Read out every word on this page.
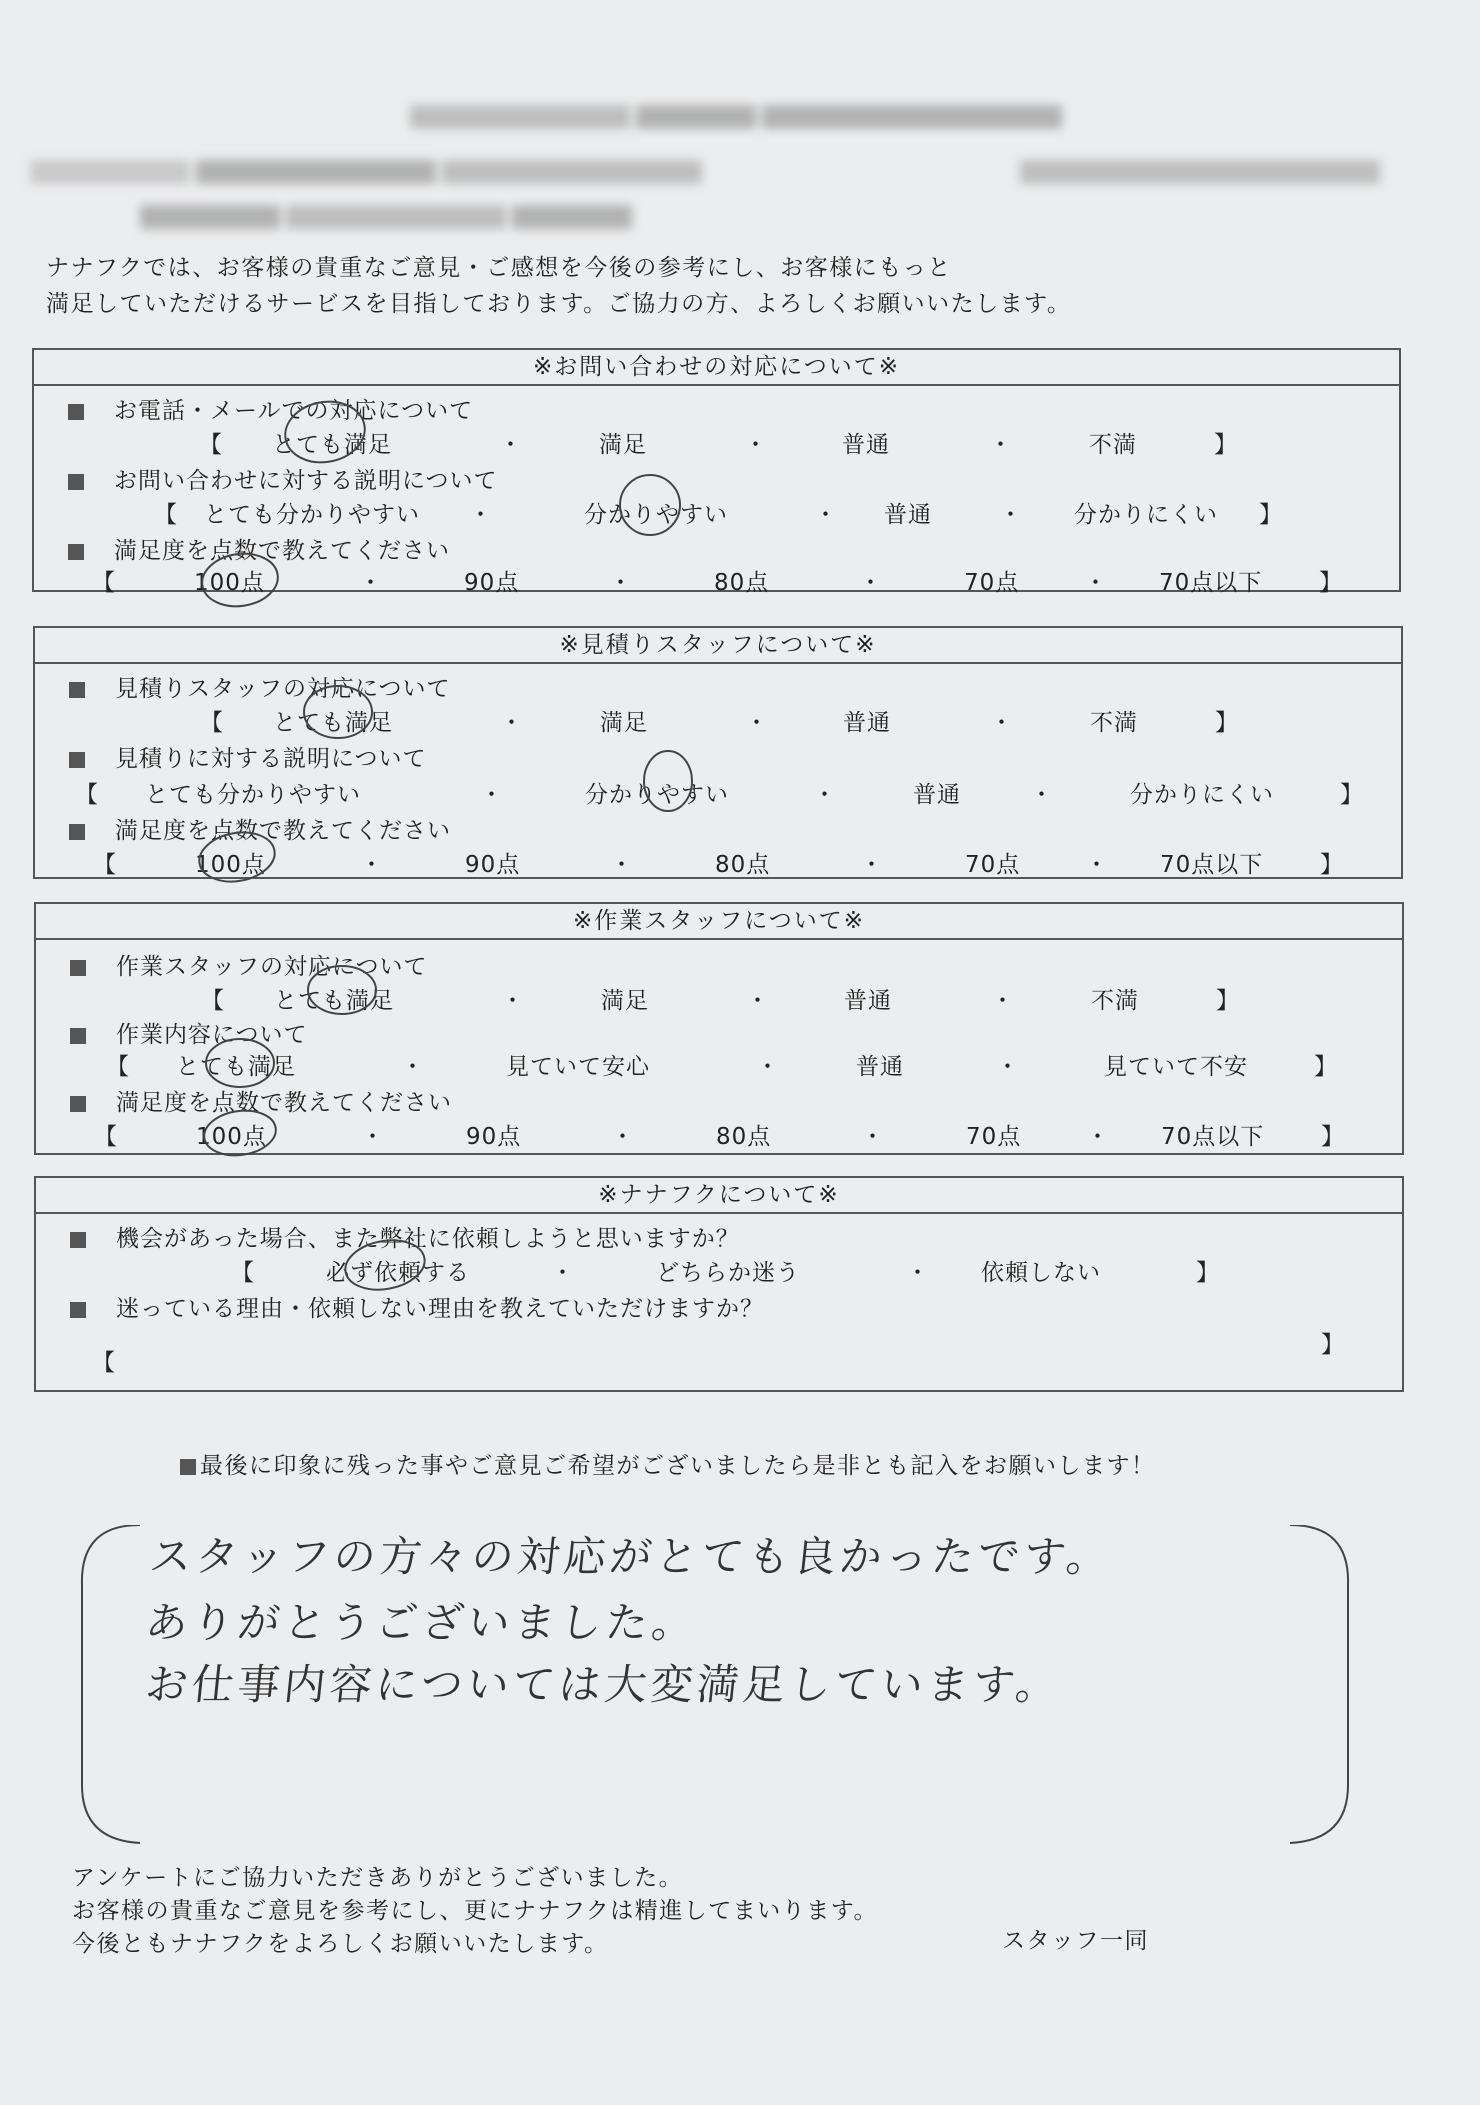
ナナフクでは、お客様の貴重なご意見・ご感想を今後の参考にし、お客様にもっと
満足していただけるサービスを目指しております。ご協力の方、よろしくお願いいたします。
※お問い合わせの対応について※
お電話・メールでの対応について
【 とても満足	・	満足	・	普通	・	不満	】
お問い合わせに対する説明について
【 とても分かりやすい ・	分かりやすい	・ 普通	・ 分かりにくい 】
満足度を点数で教えてください
【	100点	・	90点	・	80点	・	70点	・ 70点以下 】
※見積りスタッフについて※
見積りスタッフの対応について
【 とても満足	・	満足	・	普通	・	不満	】
見積りに対する説明について
【 とても分かりやすい	・	分かりやすい	・	普通	・	分かりにくい	】
満足度を点数で教えてください
【	100点	・	90点	・	80点	・	70点	・ 70点以下 】
※作業スタッフについて※
作業スタッフの対応について
【 とても満足	・	満足	・	普通	・	不満	】
作業内容について
【 とても満足	・	見ていて安心	・	普通	・	見ていて不安	】
満足度を点数で教えてください
【	100点	・	90点	・	80点	・	70点	・ 70点以下 】
※ナナフクについて※
機会があった場合、また弊社に依頼しようと思いますか？
【	必ず依頼する	・	どちらか迷う	・ 依頼しない	】
迷っている理由・依頼しない理由を教えていただけますか？
】
【
最後に印象に残った事やご意見ご希望がございましたら是非とも記入をお願いします！
スタッフの方々の対応がとても良かったです。
ありがとうございました。
お仕事内容については大変満足しています。
アンケートにご協力いただきありがとうございました。
お客様の貴重なご意見を参考にし、更にナナフクは精進してまいります。
今後ともナナフクをよろしくお願いいたします。	スタッフ一同
